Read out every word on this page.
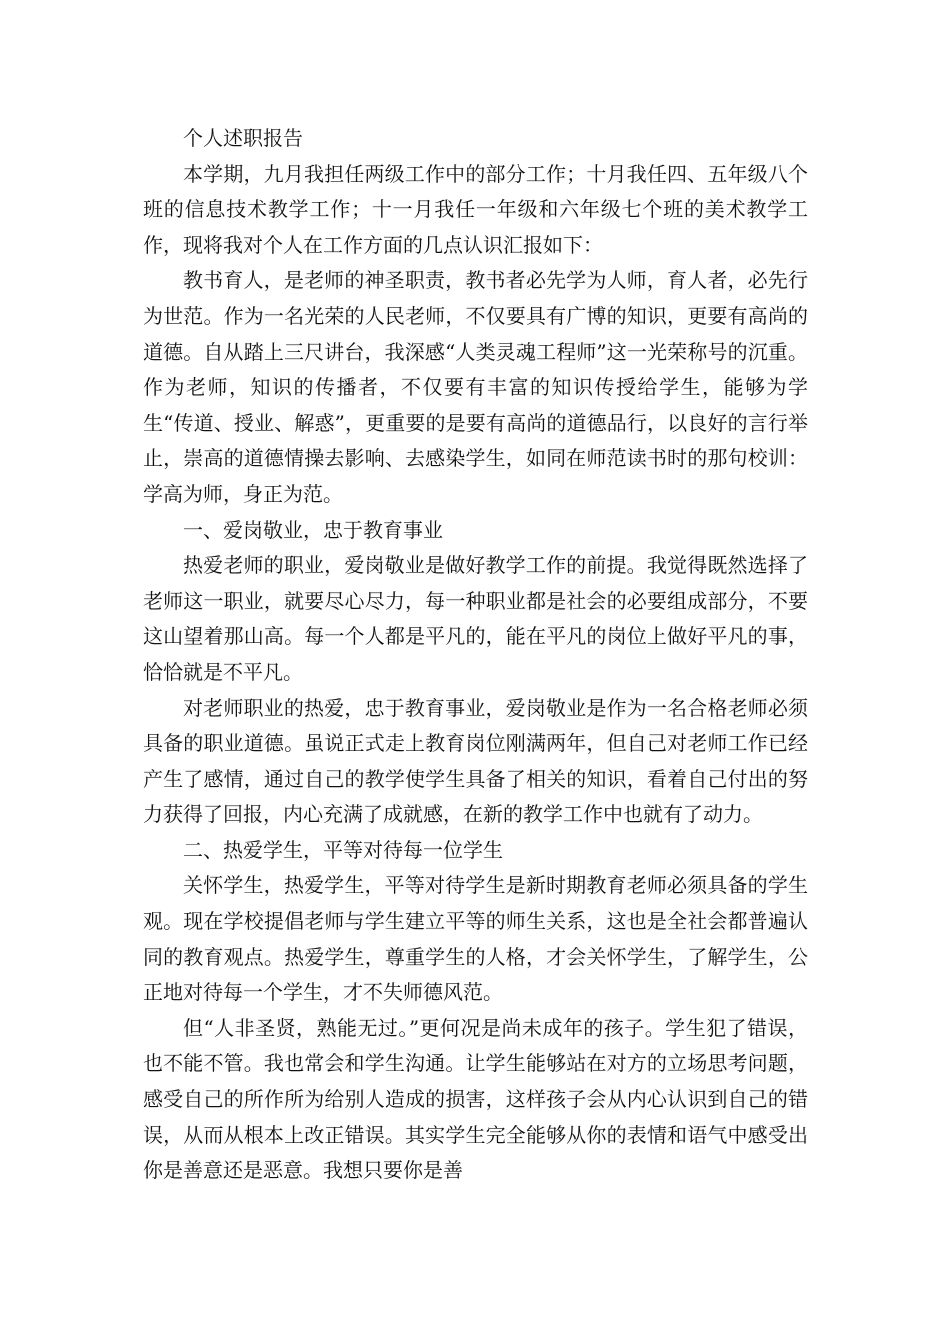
个人述职报告

本学期，九月我担任两级工作中的部分工作；十月我任四、五年级八个班的信息技术教学工作；十一月我任一年级和六年级七个班的美术教学工作，现将我对个人在工作方面的几点认识汇报如下：

教书育人，是老师的神圣职责，教书者必先学为人师，育人者，必先行为世范。作为一名光荣的人民老师，不仅要具有广博的知识，更要有高尚的道德。自从踏上三尺讲台，我深感“人类灵魂工程师”这一光荣称号的沉重。作为老师，知识的传播者，不仅要有丰富的知识传授给学生，能够为学生“传道、授业、解惑”，更重要的是要有高尚的道德品行，以良好的言行举止，崇高的道德情操去影响、去感染学生，如同在师范读书时的那句校训：学高为师，身正为范。

一、爱岗敬业，忠于教育事业

热爱老师的职业，爱岗敬业是做好教学工作的前提。我觉得既然选择了老师这一职业，就要尽心尽力，每一种职业都是社会的必要组成部分，不要这山望着那山高。每一个人都是平凡的，能在平凡的岗位上做好平凡的事，恰恰就是不平凡。

对老师职业的热爱，忠于教育事业，爱岗敬业是作为一名合格老师必须具备的职业道德。虽说正式走上教育岗位刚满两年，但自己对老师工作已经产生了感情，通过自己的教学使学生具备了相关的知识，看着自己付出的努力获得了回报，内心充满了成就感，在新的教学工作中也就有了动力。

二、热爱学生，平等对待每一位学生

关怀学生，热爱学生，平等对待学生是新时期教育老师必须具备的学生观。现在学校提倡老师与学生建立平等的师生关系，这也是全社会都普遍认同的教育观点。热爱学生，尊重学生的人格，才会关怀学生，了解学生，公正地对待每一个学生，才不失师德风范。

但“人非圣贤，熟能无过。”更何况是尚未成年的孩子。学生犯了错误，也不能不管。我也常会和学生沟通。让学生能够站在对方的立场思考问题，感受自己的所作所为给别人造成的损害，这样孩子会从内心认识到自己的错误，从而从根本上改正错误。其实学生完全能够从你的表情和语气中感受出你是善意还是恶意。我想只要你是善
